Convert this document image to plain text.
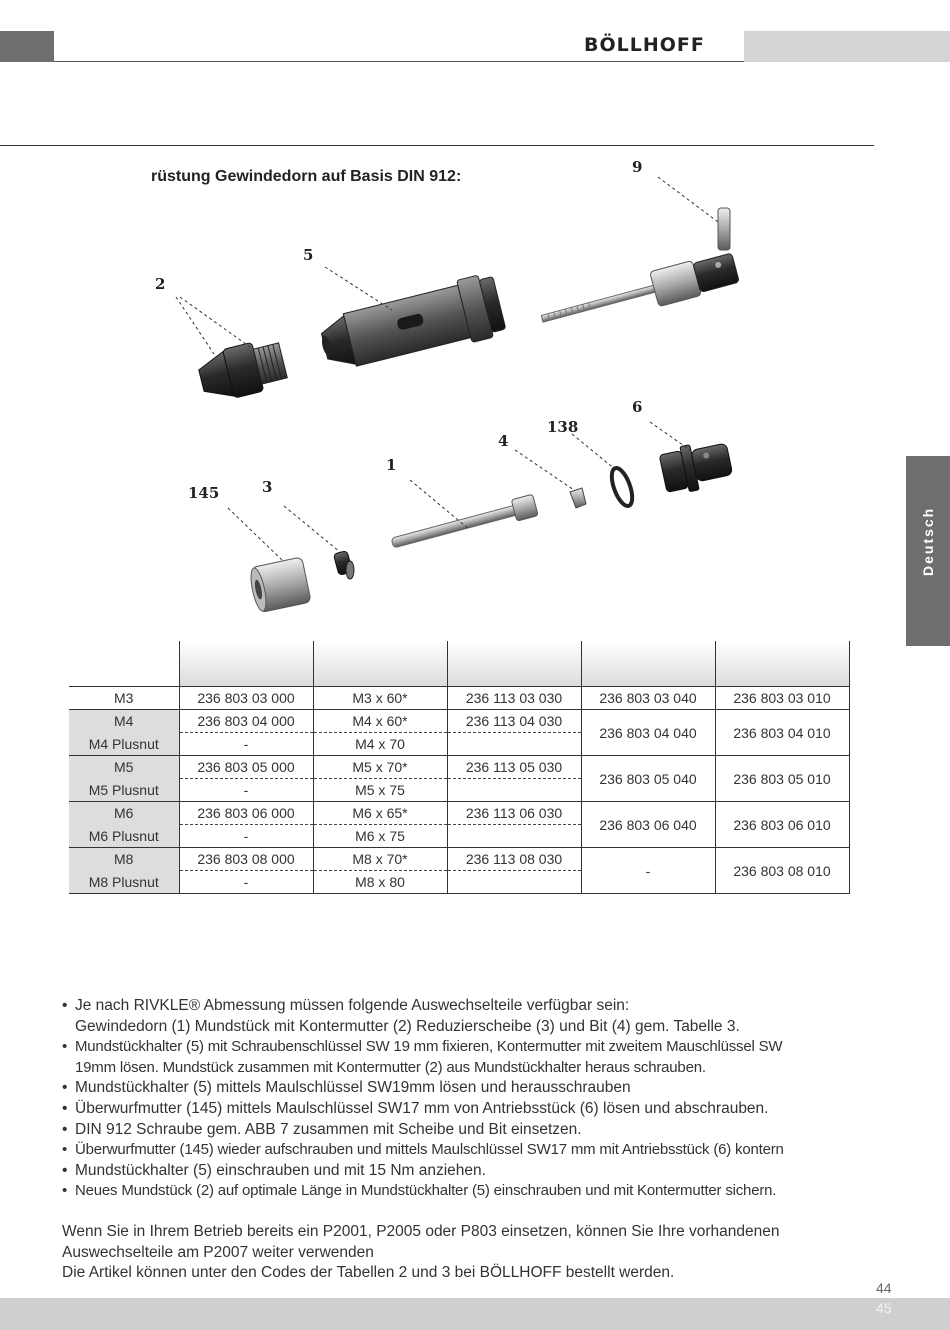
BÖLLHOFF
Deutsch
rüstung Gewindedorn auf Basis DIN 912:
9
5
2
6
138
4
1
145	3

M3	236 803 03 000	M3 x 60*	236 113 03 030	236 803 03 040	236 803 03 010
M4	236 803 04 000	M4 x 60*	236 113 04 030	236 803 04 040	236 803 04 010
M4 Plusnut	-	M4 x 70			
M5	236 803 05 000	M5 x 70*	236 113 05 030	236 803 05 040	236 803 05 010
M5 Plusnut	-	M5 x 75			
M6	236 803 06 000	M6 x 65*	236 113 06 030	236 803 06 040	236 803 06 010
M6 Plusnut	-	M6 x 75			
M8	236 803 08 000	M8 x 70*	236 113 08 030	-	236 803 08 010
M8 Plusnut	-	M8 x 80			
• Je nach RIVKLE® Abmessung müssen folgende Auswechselteile verfügbar sein:
Gewindedorn (1) Mundstück mit Kontermutter (2) Reduzierscheibe (3) und Bit (4) gem. Tabelle 3.
• Mundstückhalter (5) mit Schraubenschlüssel SW 19 mm fixieren, Kontermutter mit zweitem Mauschlüssel SW
19mm lösen. Mundstück zusammen mit Kontermutter (2) aus Mundstückhalter heraus schrauben.
• Mundstückhalter (5) mittels Maulschlüssel SW19mm lösen und herausschrauben
• Überwurfmutter (145) mittels Maulschlüssel SW17 mm von Antriebsstück (6) lösen und abschrauben.
• DIN 912 Schraube gem. ABB 7 zusammen mit Scheibe und Bit einsetzen.
• Überwurfmutter (145) wieder aufschrauben und mittels Maulschlüssel SW17 mm mit Antriebsstück (6) kontern
• Mundstückhalter (5) einschrauben und mit 15 Nm anziehen.
• Neues Mundstück (2) auf optimale Länge in Mundstückhalter (5) einschrauben und mit Kontermutter sichern.

Wenn Sie in Ihrem Betrieb bereits ein P2001, P2005 oder P803 einsetzen, können Sie Ihre vorhandenen

Auswechselteile am P2007 weiter verwenden

Die Artikel können unter den Codes der Tabellen 2 und 3 bei BÖLLHOFF bestellt werden.

44
45
